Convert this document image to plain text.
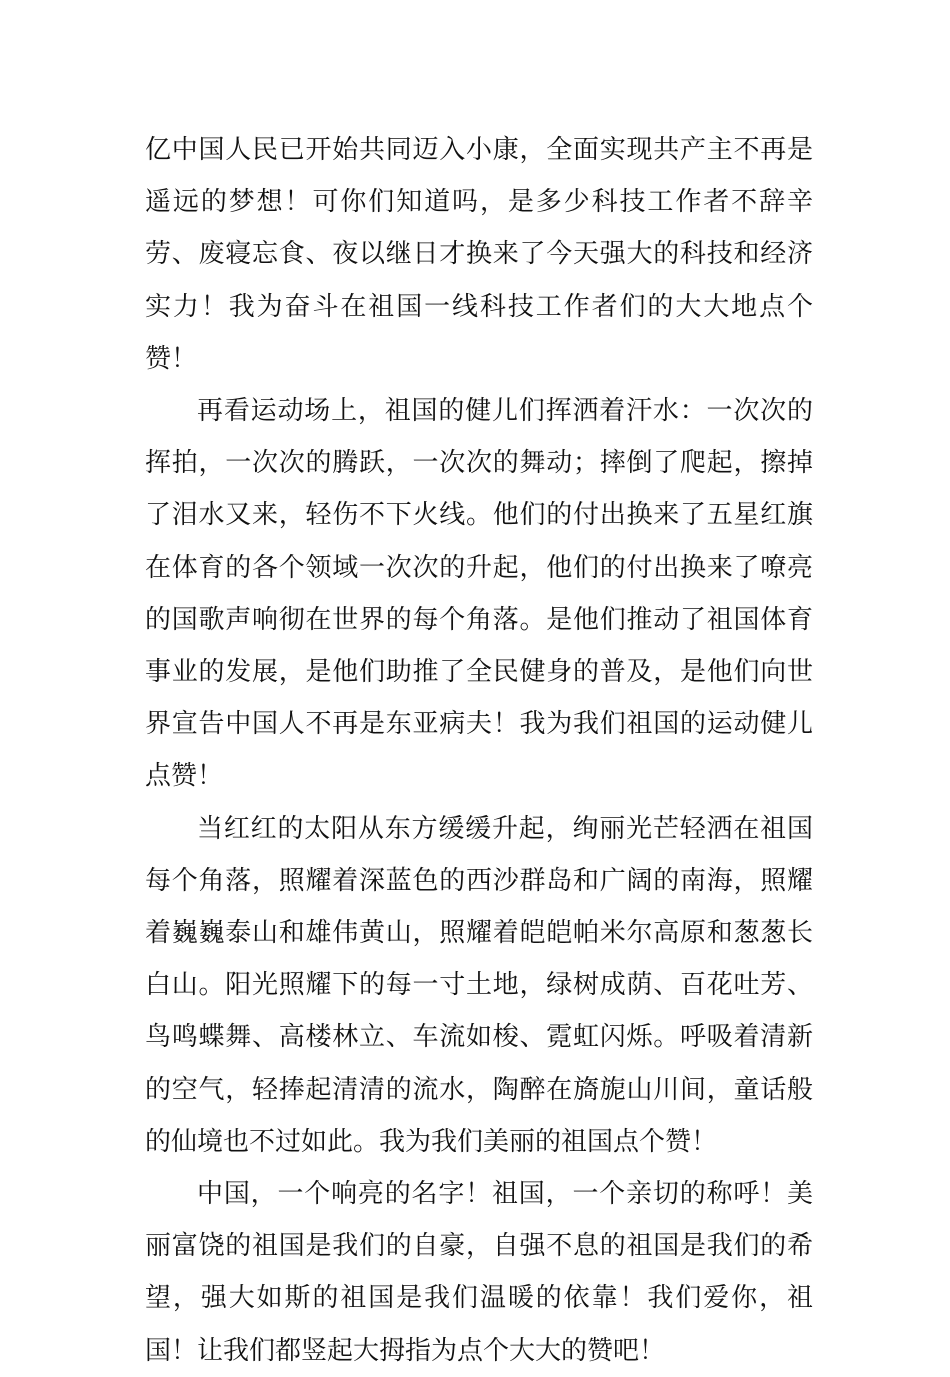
亿中国人民已开始共同迈入小康，全面实现共产主不再是遥远的梦想！可你们知道吗，是多少科技工作者不辞辛劳、废寝忘食、夜以继日才换来了今天强大的科技和经济实力！我为奋斗在祖国一线科技工作者们的大大地点个赞！

再看运动场上，祖国的健儿们挥洒着汗水：一次次的挥拍，一次次的腾跃，一次次的舞动；摔倒了爬起，擦掉了泪水又来，轻伤不下火线。他们的付出换来了五星红旗在体育的各个领域一次次的升起，他们的付出换来了嘹亮的国歌声响彻在世界的每个角落。是他们推动了祖国体育事业的发展，是他们助推了全民健身的普及，是他们向世界宣告中国人不再是东亚病夫！我为我们祖国的运动健儿点赞！

当红红的太阳从东方缓缓升起，绚丽光芒轻洒在祖国每个角落，照耀着深蓝色的西沙群岛和广阔的南海，照耀着巍巍泰山和雄伟黄山，照耀着皑皑帕米尔高原和葱葱长白山。阳光照耀下的每一寸土地，绿树成荫、百花吐芳、鸟鸣蝶舞、高楼林立、车流如梭、霓虹闪烁。呼吸着清新的空气，轻捧起清清的流水，陶醉在旖旎山川间，童话般的仙境也不过如此。我为我们美丽的祖国点个赞！

中国，一个响亮的名字！祖国，一个亲切的称呼！美丽富饶的祖国是我们的自豪，自强不息的祖国是我们的希望，强大如斯的祖国是我们温暖的依靠！我们爱你，祖国！让我们都竖起大拇指为点个大大的赞吧！
